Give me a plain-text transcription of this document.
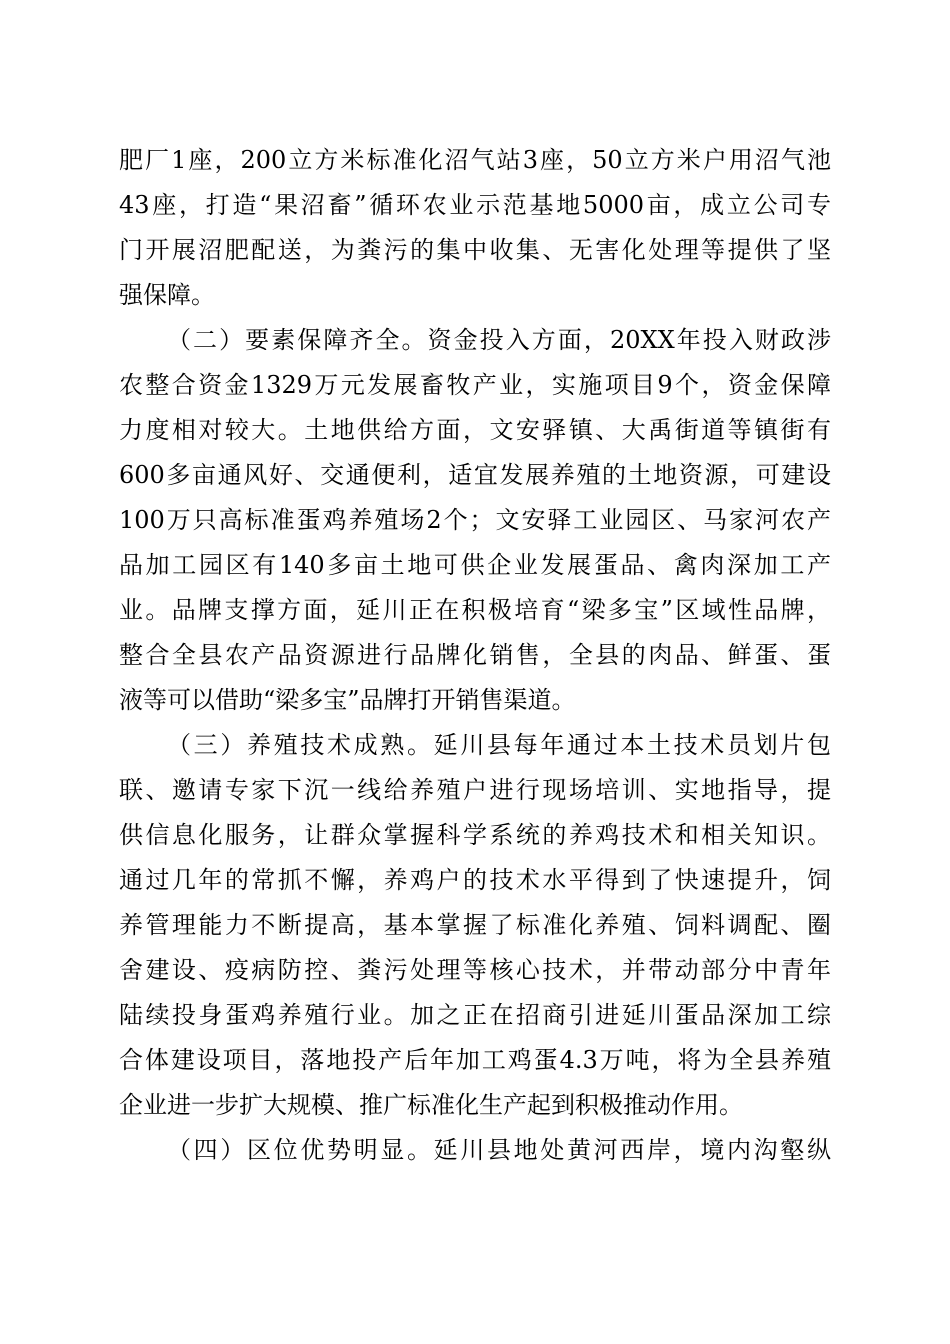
肥厂1座，200立方米标准化沼气站3座，50立方米户用沼气池
43座，打造“果沼畜”循环农业示范基地5000亩，成立公司专
门开展沼肥配送，为粪污的集中收集、无害化处理等提供了坚
强保障。
（二）要素保障齐全。资金投入方面，20XX年投入财政涉
农整合资金1329万元发展畜牧产业，实施项目9个，资金保障
力度相对较大。土地供给方面，文安驿镇、大禹街道等镇街有
600多亩通风好、交通便利，适宜发展养殖的土地资源，可建设
100万只高标准蛋鸡养殖场2个；文安驿工业园区、马家河农产
品加工园区有140多亩土地可供企业发展蛋品、禽肉深加工产
业。品牌支撑方面，延川正在积极培育“梁多宝”区域性品牌，
整合全县农产品资源进行品牌化销售，全县的肉品、鲜蛋、蛋
液等可以借助“梁多宝”品牌打开销售渠道。
（三）养殖技术成熟。延川县每年通过本土技术员划片包
联、邀请专家下沉一线给养殖户进行现场培训、实地指导，提
供信息化服务，让群众掌握科学系统的养鸡技术和相关知识。
通过几年的常抓不懈，养鸡户的技术水平得到了快速提升，饲
养管理能力不断提高，基本掌握了标准化养殖、饲料调配、圈
舍建设、疫病防控、粪污处理等核心技术，并带动部分中青年
陆续投身蛋鸡养殖行业。加之正在招商引进延川蛋品深加工综
合体建设项目，落地投产后年加工鸡蛋4.3万吨，将为全县养殖
企业进一步扩大规模、推广标准化生产起到积极推动作用。
（四）区位优势明显。延川县地处黄河西岸，境内沟壑纵
